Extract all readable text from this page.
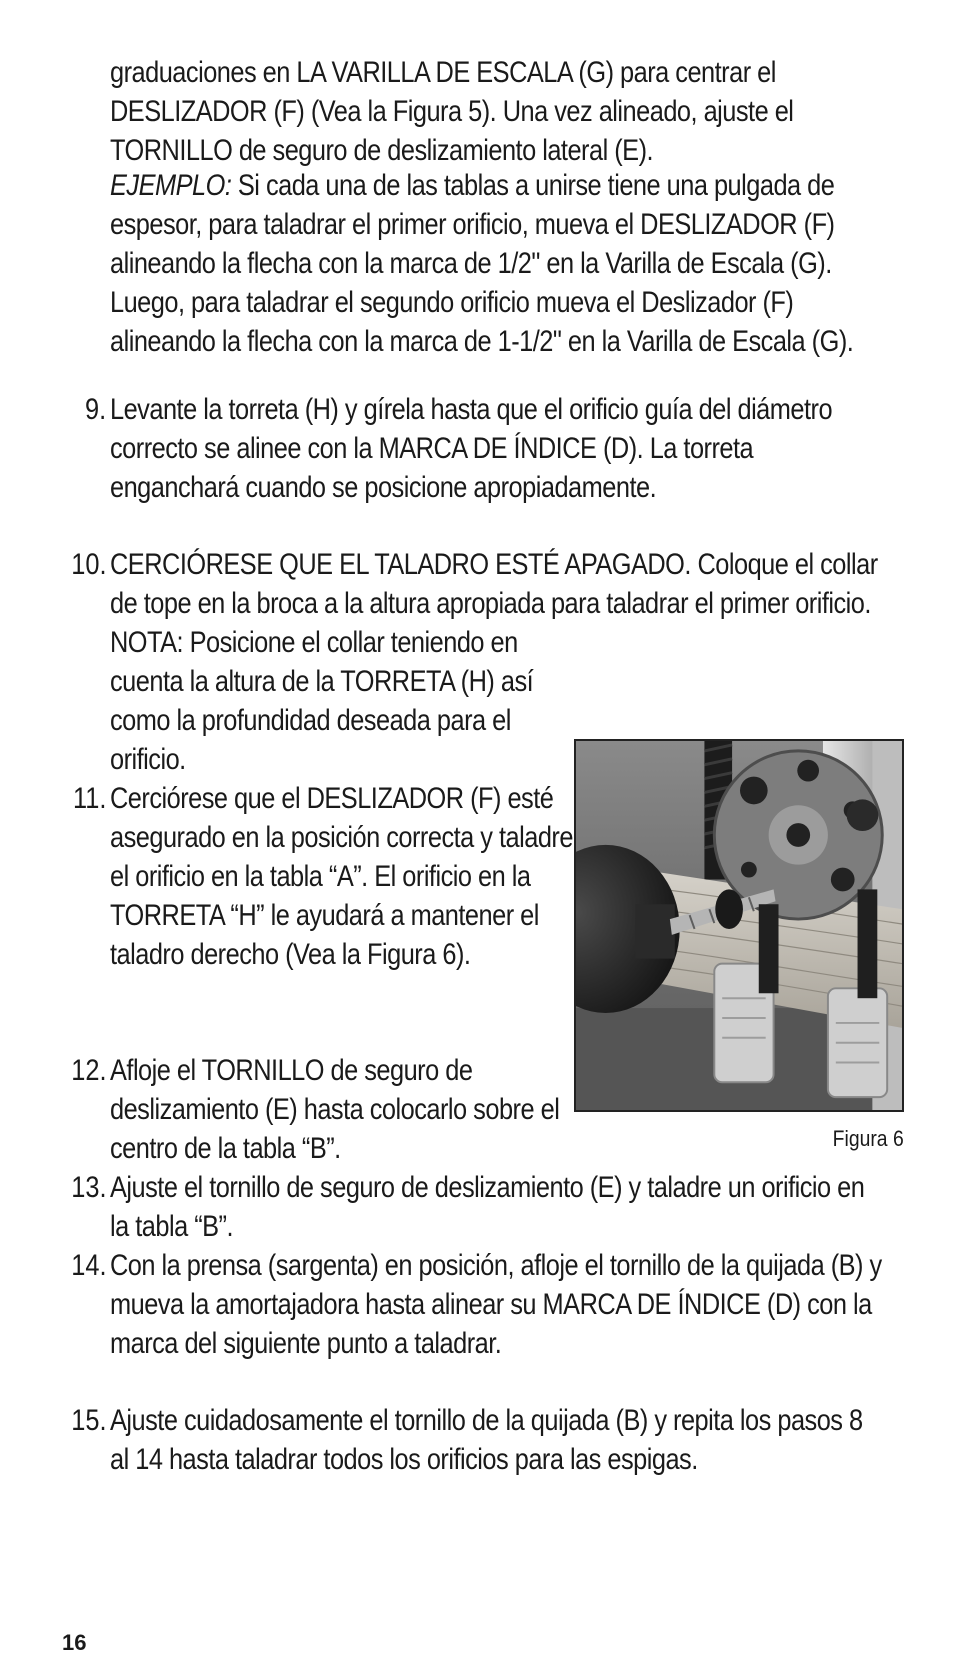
graduaciones en LA VARILLA DE ESCALA (G) para centrar el DESLIZADOR (F) (Vea la Figura 5). Una vez alineado, ajuste el TORNILLO de seguro de deslizamiento lateral (E).

EJEMPLO: Si cada una de las tablas a unirse tiene una pulgada de espesor, para taladrar el primer orificio, mueva el DESLIZADOR (F) alineando la flecha con la marca de 1/2" en la Varilla de Escala (G). Luego, para taladrar el segundo orificio mueva el Deslizador (F) alineando la flecha con la marca de 1-1/2" en la Varilla de Escala (G).

9. Levante la torreta (H) y gírela hasta que el orificio guía del diámetro correcto se alinee con la MARCA DE ÍNDICE (D). La torreta enganchará cuando se posicione apropiadamente.
10. CERCIÓRESE QUE EL TALADRO ESTÉ APAGADO. Coloque el collar de tope en la broca a la altura apropiada para taladrar el primer orificio. NOTA: Posicione el collar teniendo en
cuenta la altura de la TORRETA (H) así como la profundidad deseada para el orificio.
11. Cerciórese que el DESLIZADOR (F) esté asegurado en la posición correcta y taladre el orificio en la tabla “A”. El orificio en la TORRETA “H” le ayudará a mantener el taladro derecho (Vea la Figura 6).
12. Afloje el TORNILLO de seguro de deslizamiento (E) hasta colocarlo sobre el centro de la tabla “B”.
13. Ajuste el tornillo de seguro de deslizamiento (E) y taladre un orificio en la tabla “B”.
14. Con la prensa (sargenta) en posición, afloje el tornillo de la quijada (B) y mueva la amortajadora hasta alinear su MARCA DE ÍNDICE (D) con la marca del siguiente punto a taladrar.
15. Ajuste cuidadosamente el tornillo de la quijada (B) y repita los pasos 8 al 14 hasta taladrar todos los orificios para las espigas.
Figura 6
16
